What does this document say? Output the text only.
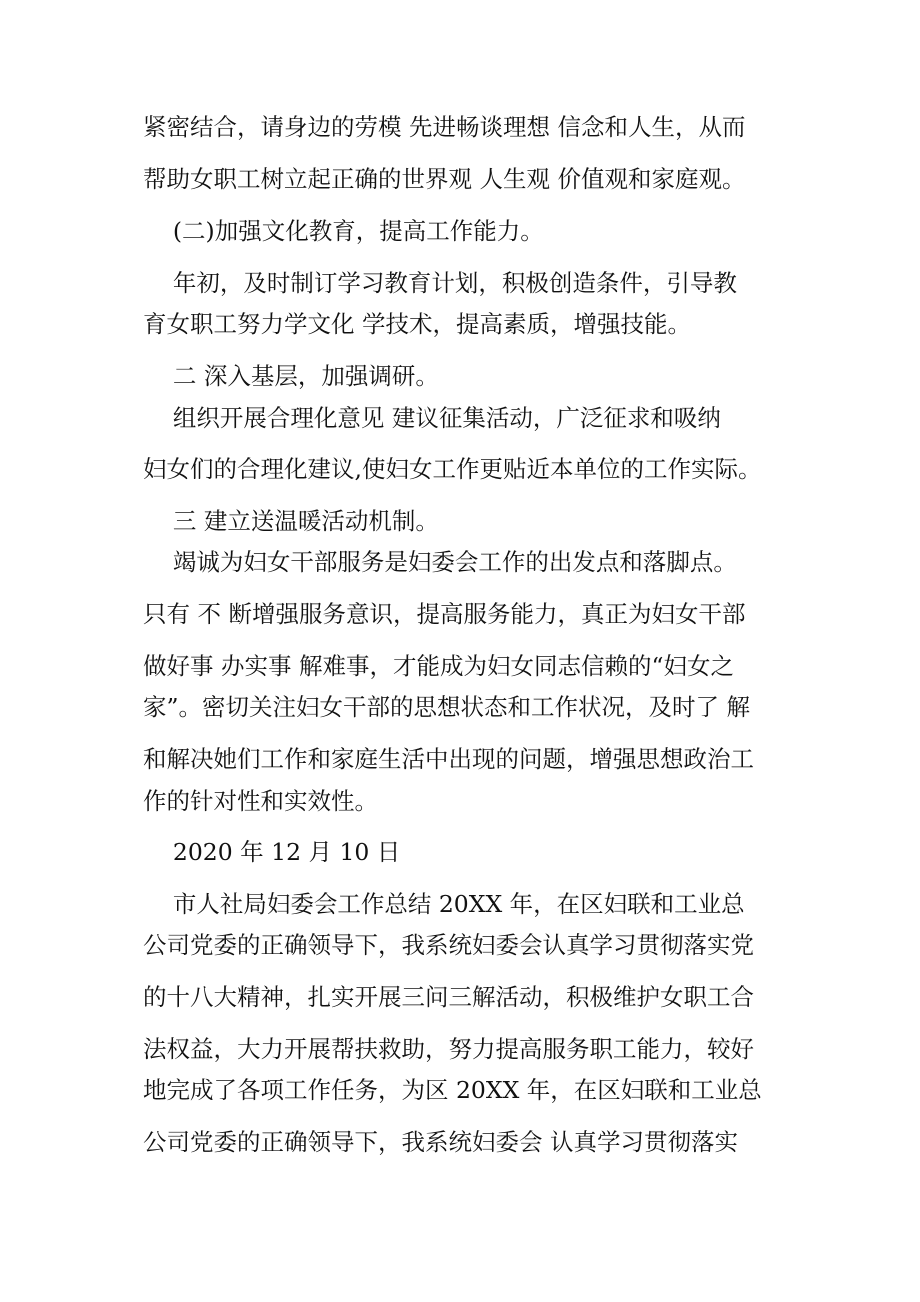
紧密结合，请身边的劳模 先进畅谈理想 信念和人生，从而
帮助女职工树立起正确的世界观 人生观 价值观和家庭观。
(二)加强文化教育，提高工作能力。
年初，及时制订学习教育计划，积极创造条件，引导教
育女职工努力学文化 学技术，提高素质，增强技能。
二 深入基层，加强调研。
组织开展合理化意见 建议征集活动，广泛征求和吸纳
妇女们的合理化建议,使妇女工作更贴近本单位的工作实际。
三 建立送温暖活动机制。
竭诚为妇女干部服务是妇委会工作的出发点和落脚点。
只有 不 断增强服务意识，提高服务能力，真正为妇女干部
做好事 办实事 解难事，才能成为妇女同志信赖的“妇女之
家”。密切关注妇女干部的思想状态和工作状况，及时了 解
和解决她们工作和家庭生活中出现的问题，增强思想政治工
作的针对性和实效性。
2020 年 12 月 10 日
市人社局妇委会工作总结 20XX 年，在区妇联和工业总
公司党委的正确领导下，我系统妇委会认真学习贯彻落实党
的十八大精神，扎实开展三问三解活动，积极维护女职工合
法权益，大力开展帮扶救助，努力提高服务职工能力，较好
地完成了各项工作任务，为区 20XX 年，在区妇联和工业总
公司党委的正确领导下，我系统妇委会 认真学习贯彻落实
